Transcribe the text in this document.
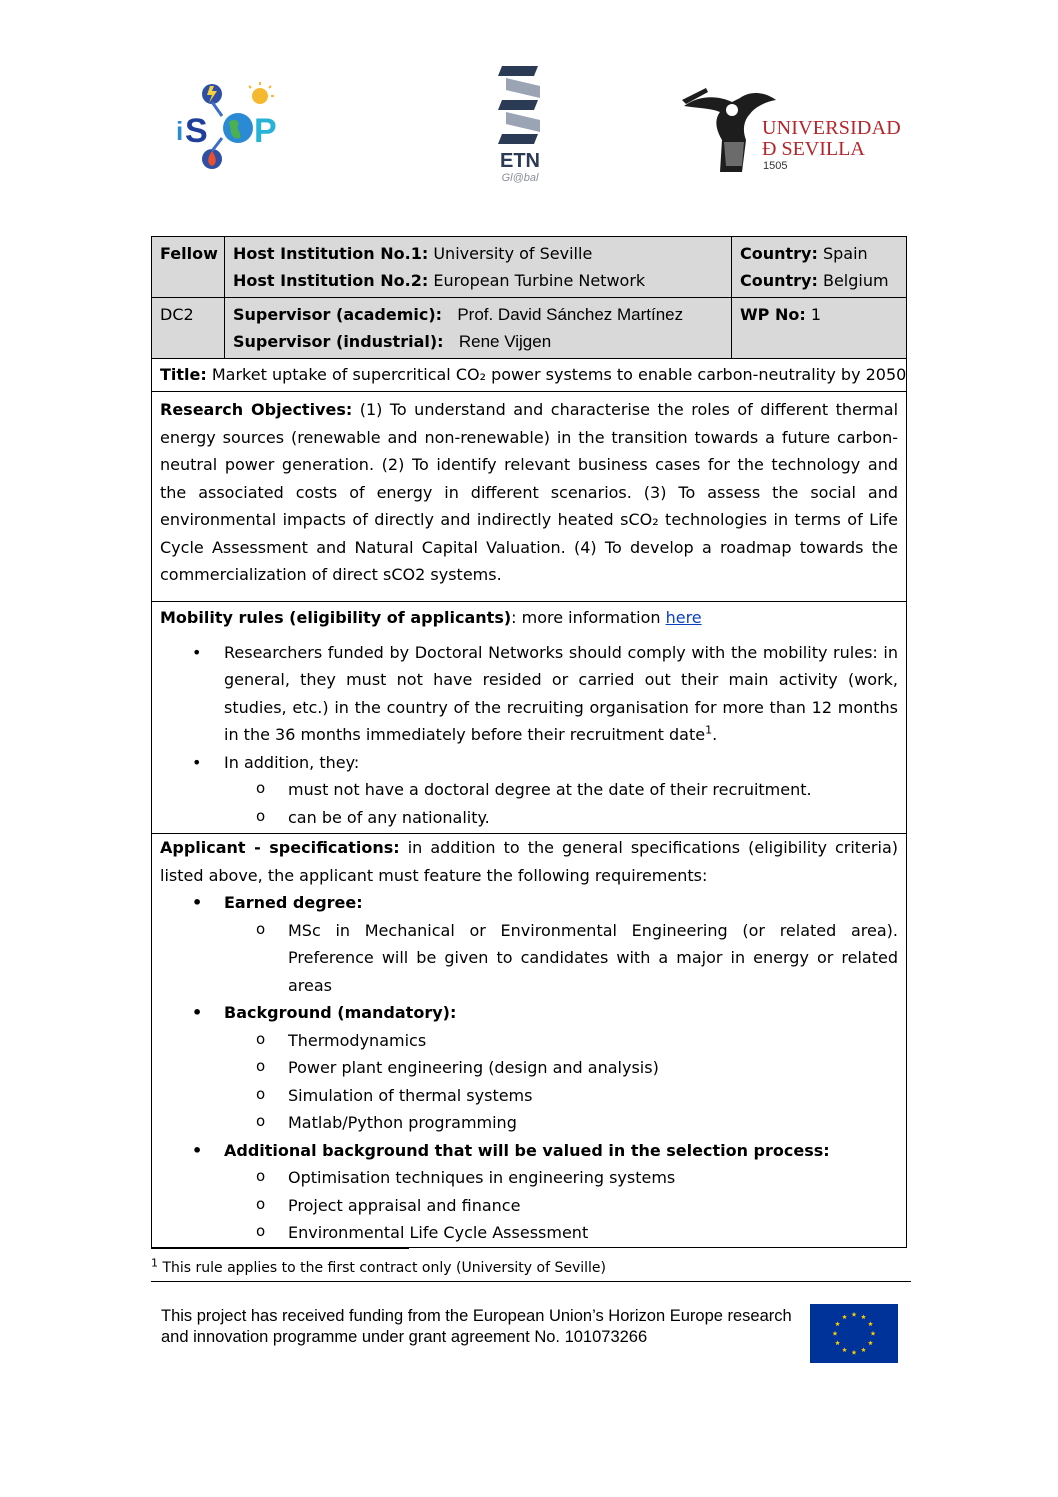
i S P
ETN
Gl@bal
UNIVERSIDAD
Ð SEVILLA
1505
Fellow Host Institution No.1: University of Seville
Host Institution No.2: European Turbine Network
Country: Spain
Country: Belgium
DC2	Supervisor (academic): Prof. David Sánchez Martínez
Supervisor (industrial): Rene Vijgen
WP No: 1
Title: Market uptake of supercritical CO₂ power systems to enable carbon-neutrality by 2050
Research Objectives: (1) To understand and characterise the roles of different thermal energy sources (renewable and non-renewable) in the transition towards a future carbon-neutral power generation. (2) To identify relevant business cases for the technology and the associated costs of energy in different scenarios. (3) To assess the social and environmental impacts of directly and indirectly heated sCO₂ technologies in terms of Life Cycle Assessment and Natural Capital Valuation. (4) To develop a roadmap towards the commercialization of direct sCO2 systems.
Mobility rules (eligibility of applicants): more information here
• Researchers funded by Doctoral Networks should comply with the mobility rules: in general, they must not have resided or carried out their main activity (work, studies, etc.) in the country of the recruiting organisation for more than 12 months in the 36 months immediately before their recruitment date$^1$.
• In addition, they:
o must not have a doctoral degree at the date of their recruitment.
o can be of any nationality.
Applicant - specifications: in addition to the general specifications (eligibility criteria) listed above, the applicant must feature the following requirements:
• Earned degree:
o MSc in Mechanical or Environmental Engineering (or related area). Preference will be given to candidates with a major in energy or related areas
• Background (mandatory):
o Thermodynamics
o Power plant engineering (design and analysis)
o Simulation of thermal systems
o Matlab/Python programming
• Additional background that will be valued in the selection process:
o Optimisation techniques in engineering systems
o Project appraisal and finance
o Environmental Life Cycle Assessment
$^1$ This rule applies to the first contract only (University of Seville)
This project has received funding from the European Union’s Horizon Europe research and innovation programme under grant agreement No. 101073266
